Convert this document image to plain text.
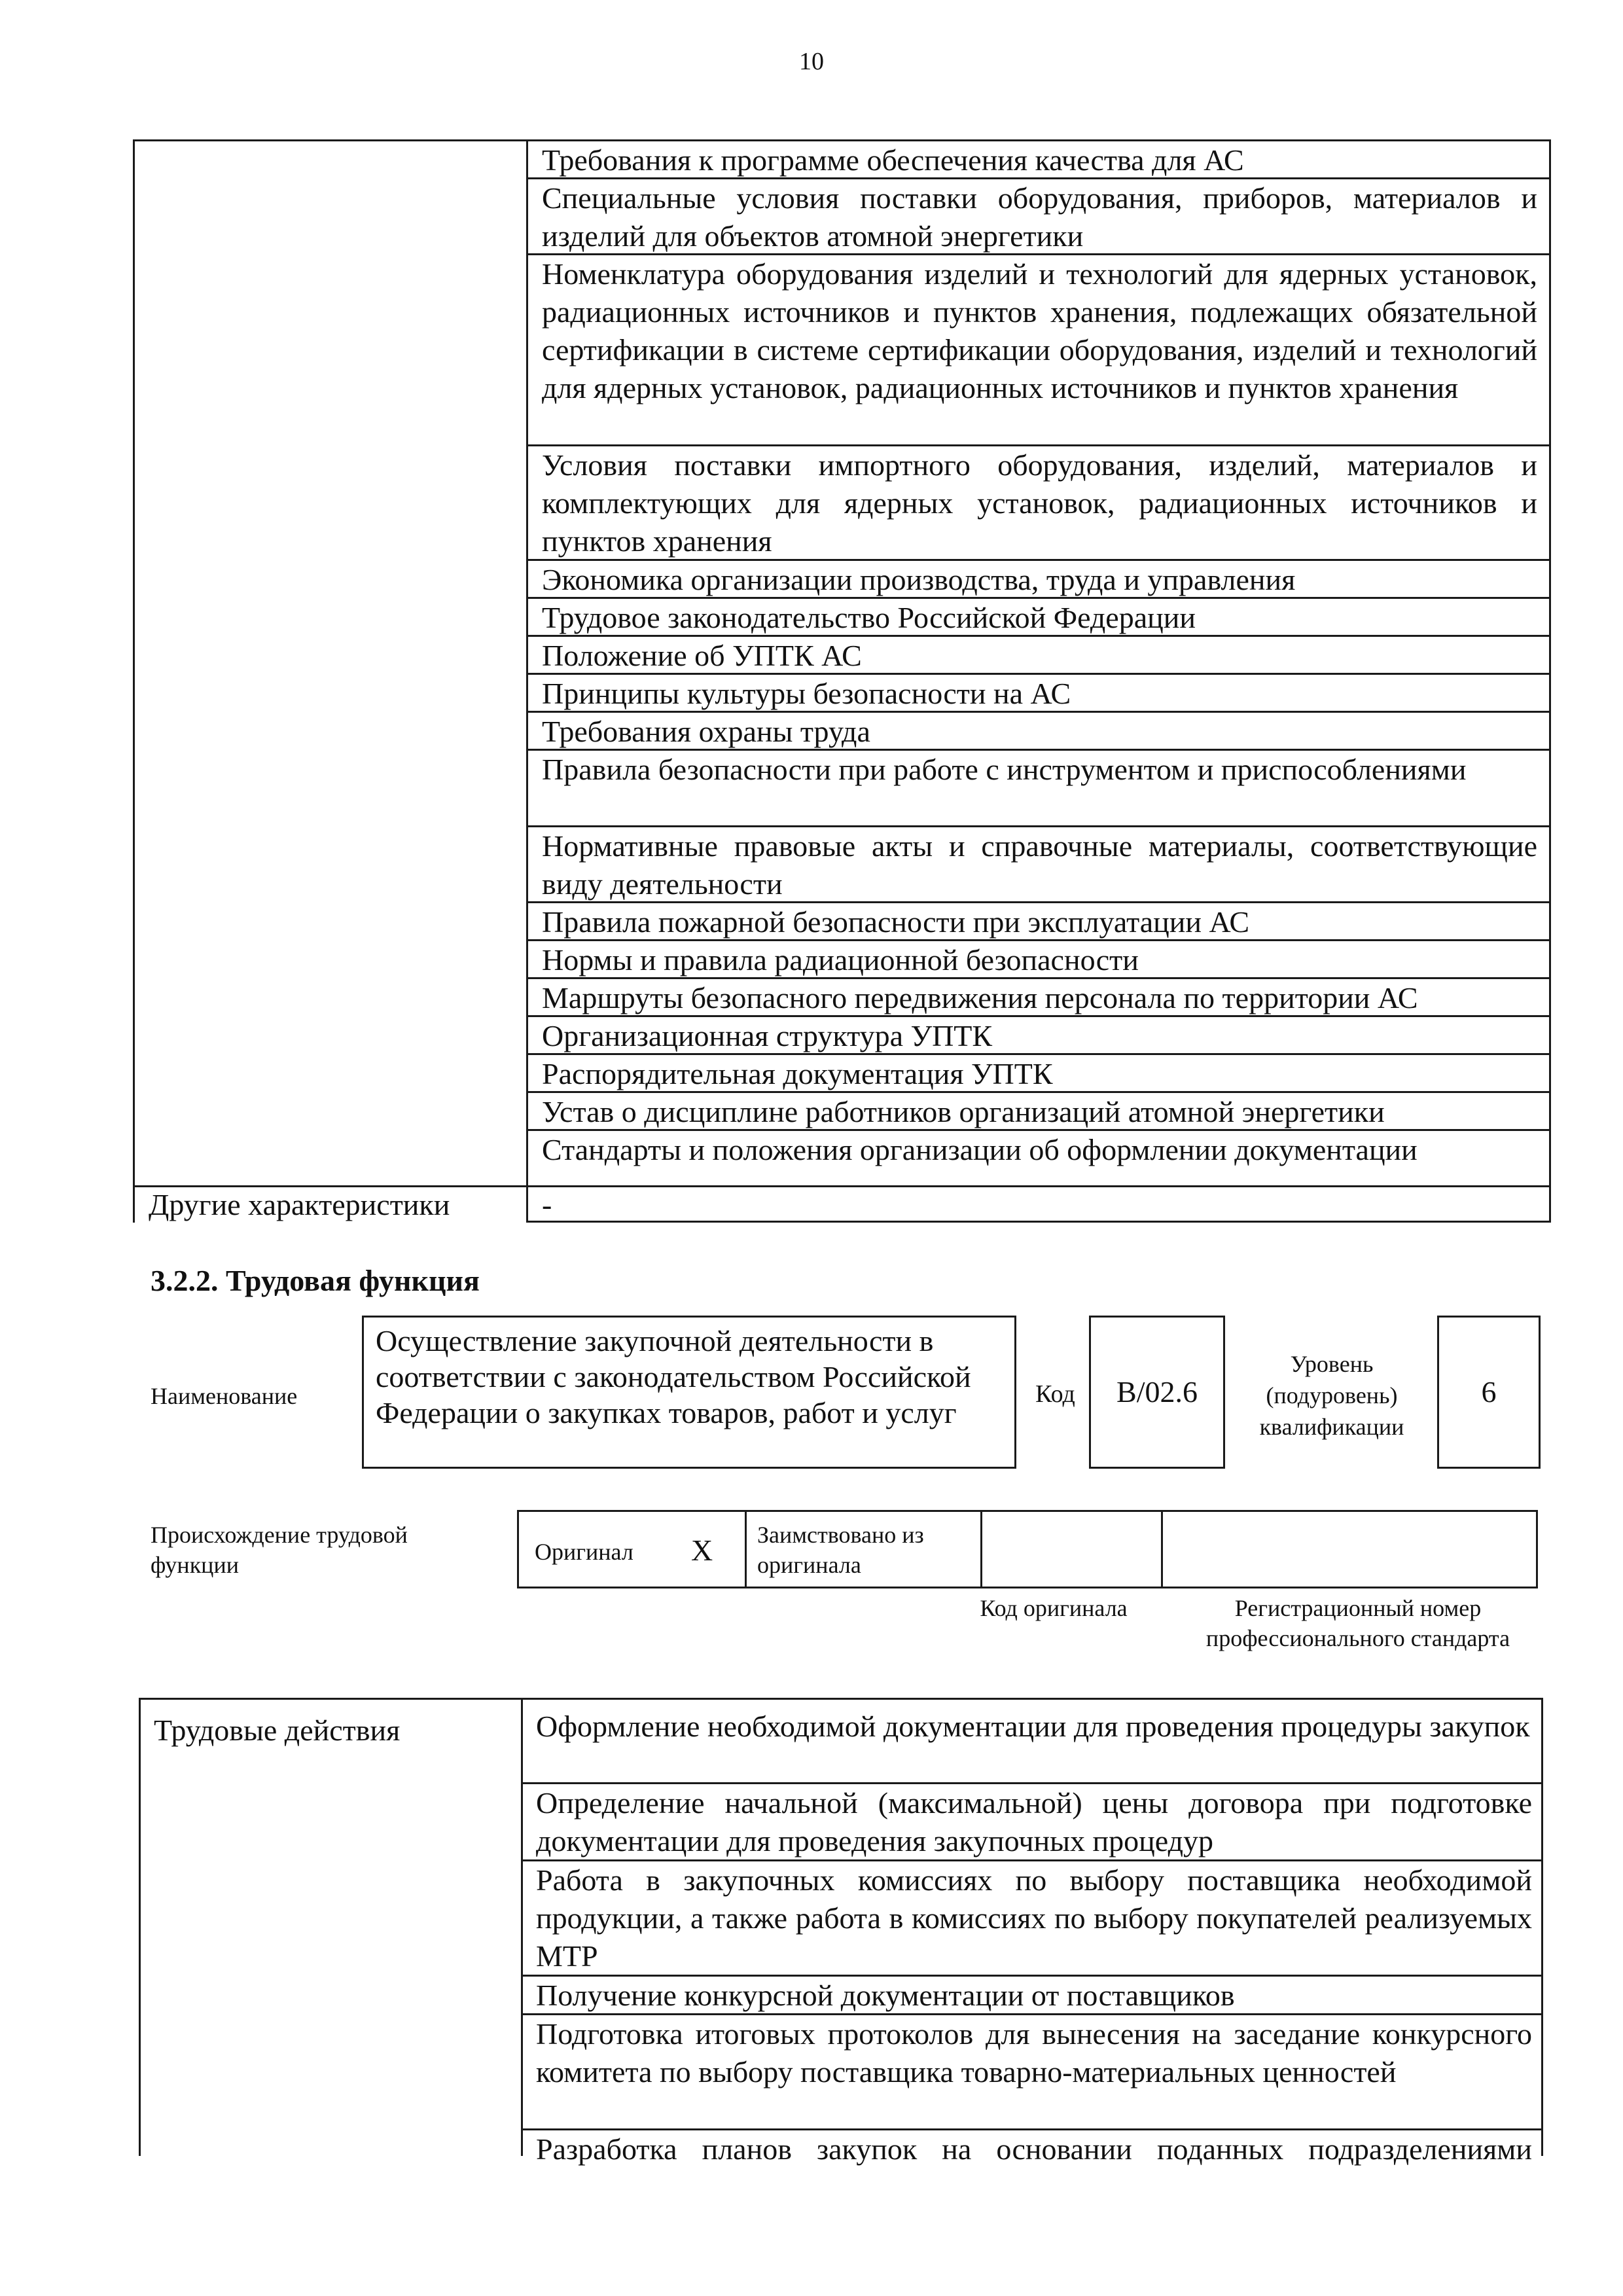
10
Требования к программе обеспечения качества для АС
Специальные условия поставки оборудования, приборов, материалов и изделий для объектов атомной энергетики
Номенклатура оборудования изделий и технологий для ядерных установок, радиационных источников и пунктов хранения, подлежащих обязательной сертификации в системе сертификации оборудования, изделий и технологий для ядерных установок, радиационных источников и пунктов хранения
Условия поставки импортного оборудования, изделий, материалов и комплектующих для ядерных установок, радиационных источников и пунктов хранения
Экономика организации производства, труда и управления
Трудовое законодательство Российской Федерации
Положение об УПТК АС
Принципы культуры безопасности на АС
Требования охраны труда
Правила безопасности при работе с инструментом и приспособлениями
Нормативные правовые акты и справочные материалы, соответствующие виду деятельности
Правила пожарной безопасности при эксплуатации АС
Нормы и правила радиационной безопасности
Маршруты безопасного передвижения персонала по территории АС
Организационная структура УПТК
Распорядительная документация УПТК
Устав о дисциплине работников организаций атомной энергетики
Стандарты и положения организации об оформлении документации
Другие характеристики	-
3.2.2. Трудовая функция
Наименование
Осуществление закупочной деятельности в соответствии с законодательством Российской Федерации о закупках товаров, работ и услуг
Код	B/02.6
Уровень
(подуровень)
квалификации
6
Происхождение трудовой функции	Оригинал X	Заимствовано из оригинала
Код оригинала	Регистрационный номер профессионального стандарта
Трудовые действия	Оформление необходимой документации для проведения процедуры закупок
Определение начальной (максимальной) цены договора при подготовке документации для проведения закупочных процедур
Работа в закупочных комиссиях по выбору поставщика необходимой продукции, а также работа в комиссиях по выбору покупателей реализуемых МТР
Получение конкурсной документации от поставщиков
Подготовка итоговых протоколов для вынесения на заседание конкурсного комитета по выбору поставщика товарно-материальных ценностей
Разработка планов закупок на основании поданных подразделениями
